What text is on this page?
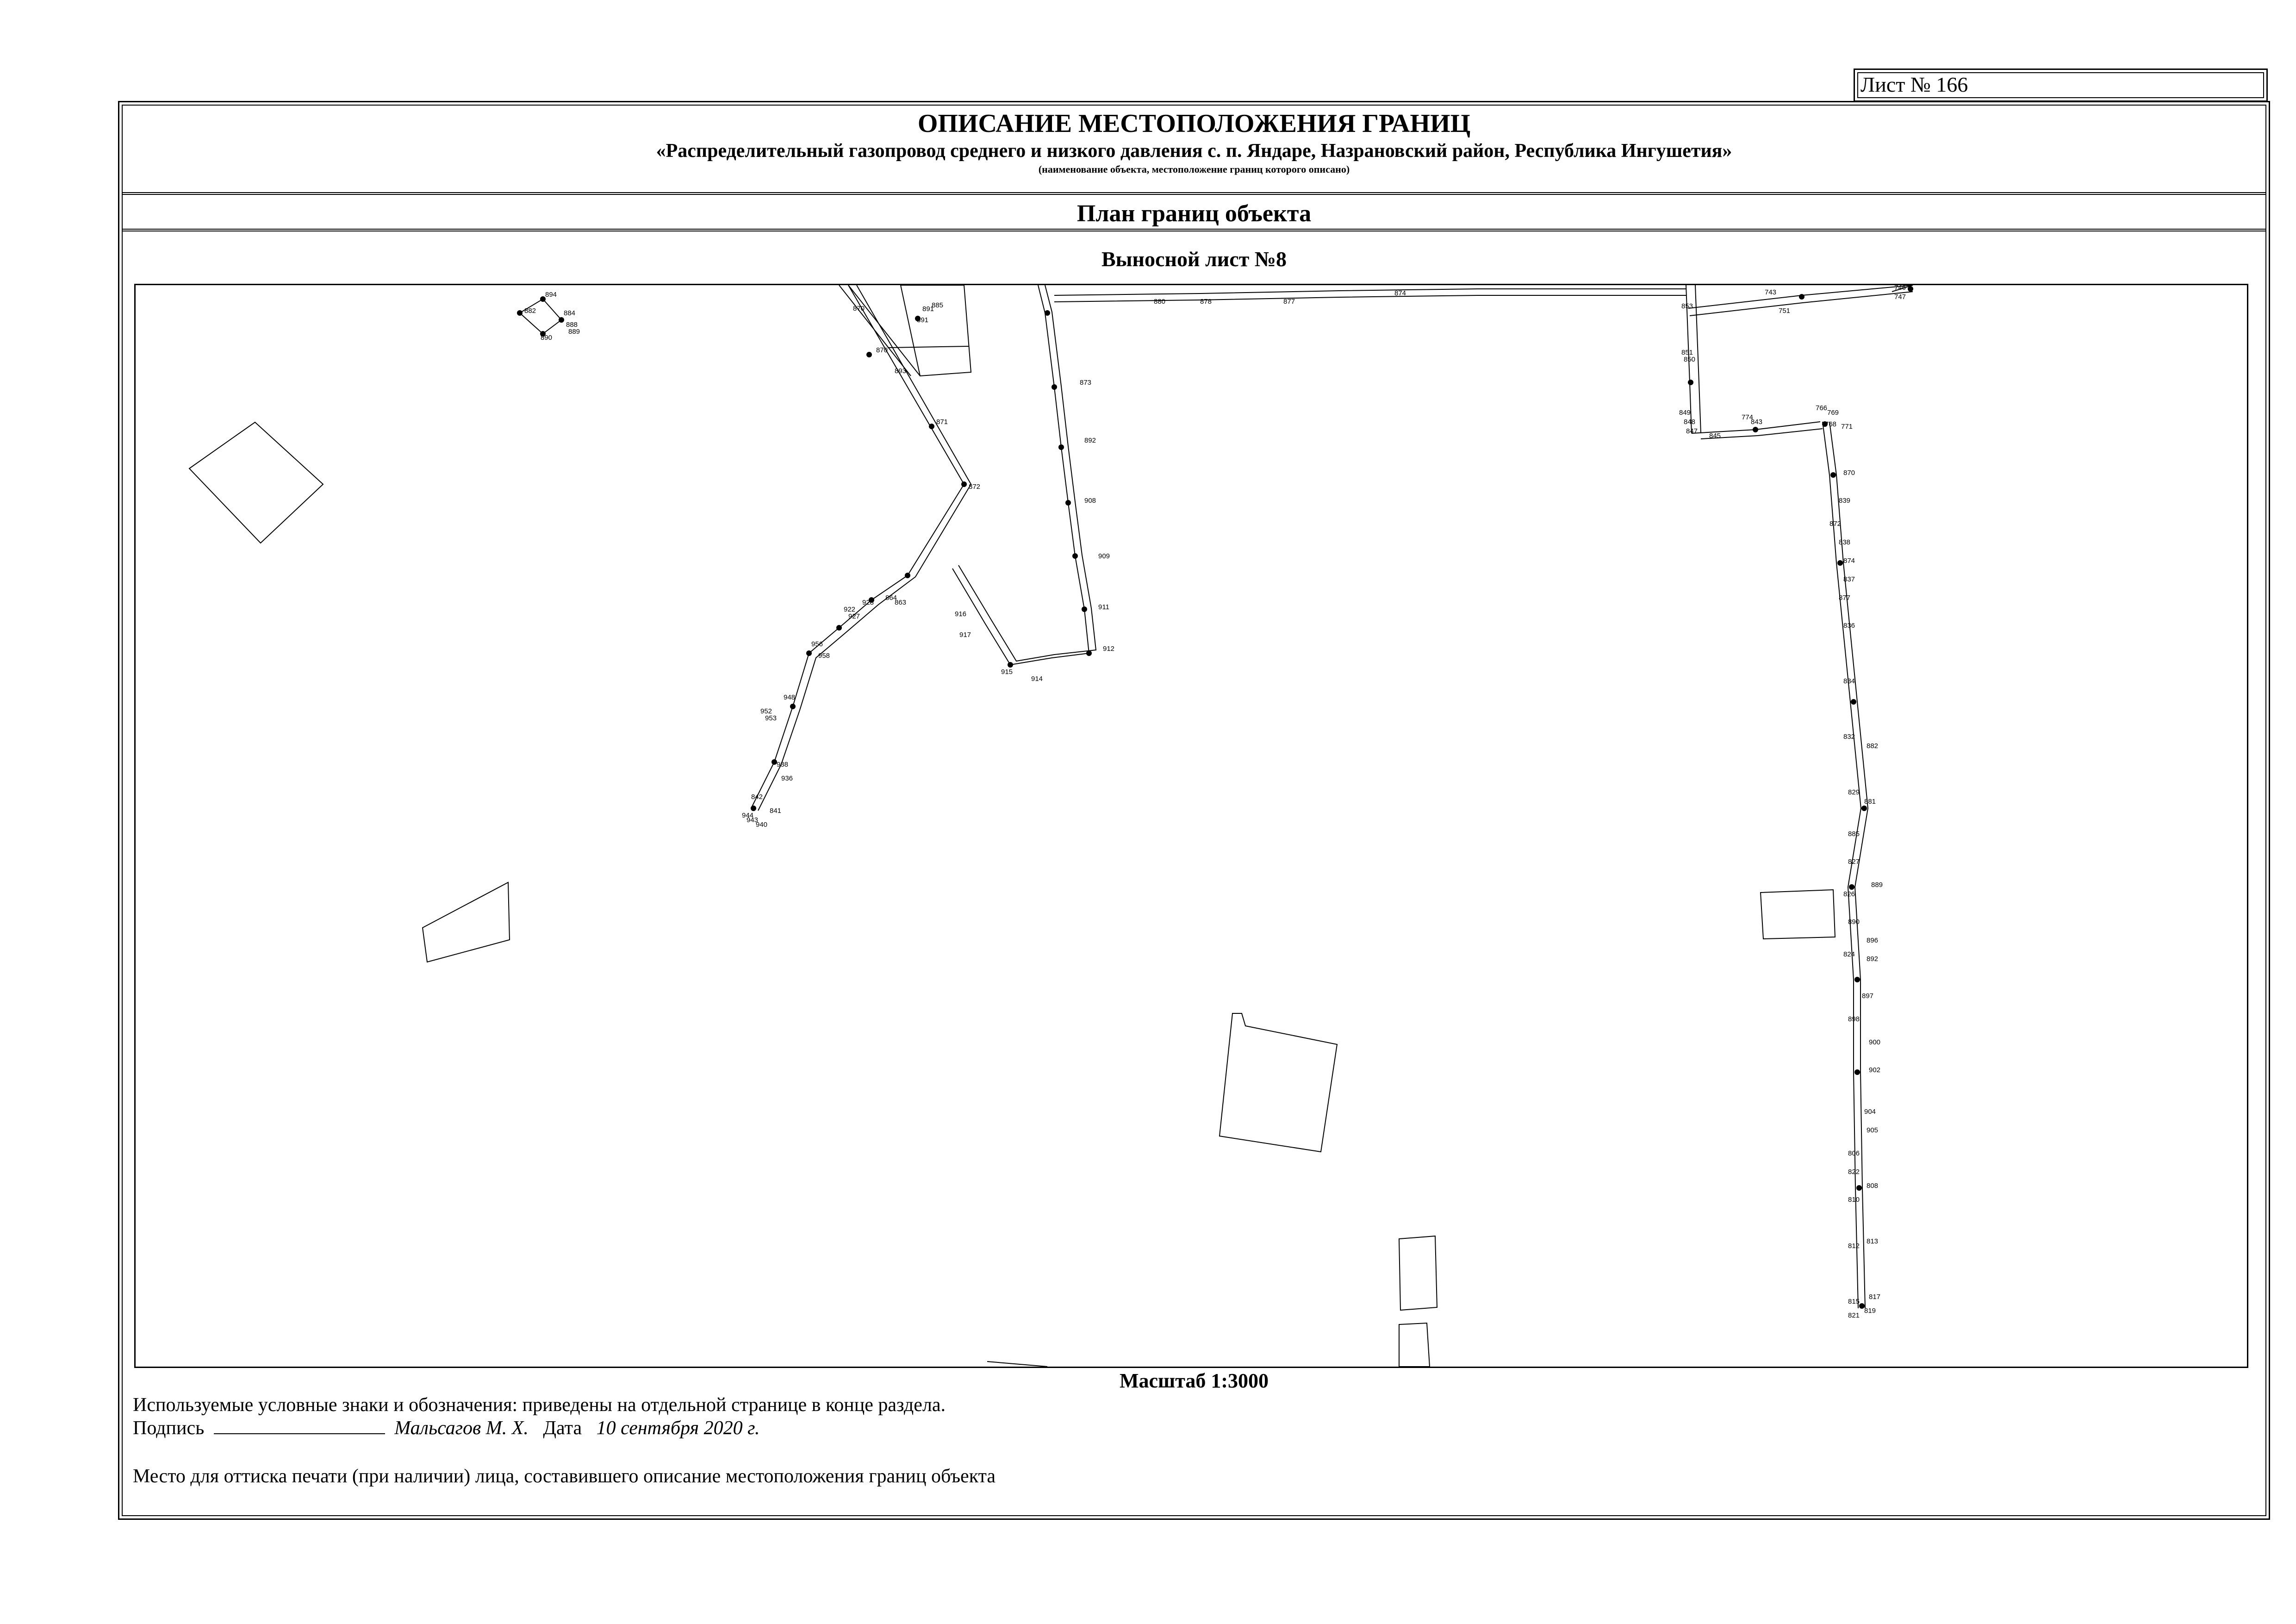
Лист № 166
ОПИСАНИЕ МЕСТОПОЛОЖЕНИЯ ГРАНИЦ
«Распределительный газопровод среднего и низкого давления с. п. Яндаре, Назрановский район, Республика Ингушетия»
(наименование объекта, местоположение границ которого описано)
План границ объекта
Выносной лист №8
894
882	884
888
889
890
870
870
871
872
893
891
891
885	878	877
880
874
873
892
908
909
911
912
915
914
864
863
917
916
853
851
850
849
848
847
845
843
842
841
940
938
936
944
943
952
953
948
958
956
928
922
927
766
769
771
768
774
751
743
746
747
870
872
874
877
881
882
885
889
890
892
896
897
898
900
902
904
905
806
808
810
812
813
815
817
819
821
822
824
826
827
829
832
834
836
837
838
839
Масштаб 1:3000
Используемые условные знаки и обозначения: приведены на отдельной странице в конце раздела.
Подпись	Мальсагов М. Х. Дата 10 сентября 2020 г.
Место для оттиска печати (при наличии) лица, составившего описание местоположения границ объекта
